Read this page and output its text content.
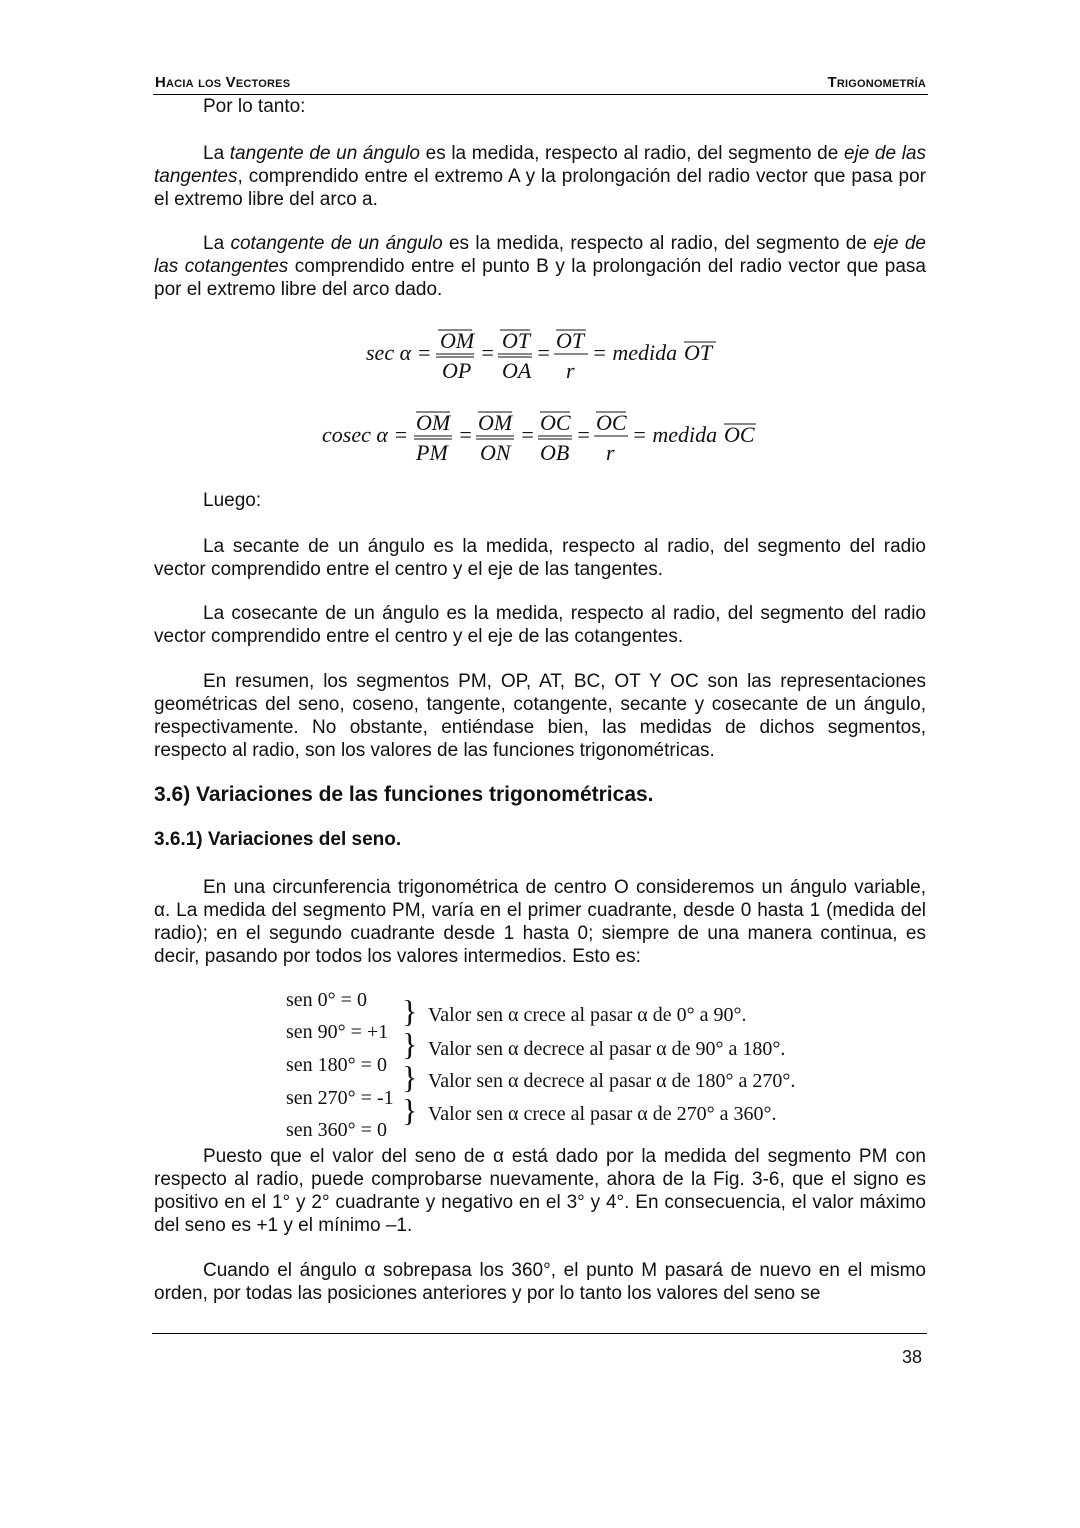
Hacia los Vectores	Trigonometría
Por lo tanto:

La tangente de un ángulo es la medida, respecto al radio, del segmento de eje de las tangentes, comprendido entre el extremo A y la prolongación del radio vector que pasa por el extremo libre del arco a.

La cotangente de un ángulo es la medida, respecto al radio, del segmento de eje de las cotangentes comprendido entre el punto B y la prolongación del radio vector que pasa por el extremo libre del arco dado.

sec α = OM
OP
= OT
OA
= OT
r
= medida OT
cosec α = OM
PM
= OM
ON
= OC
OB
= OC
r
= medida OC
Luego:

La secante de un ángulo es la medida, respecto al radio, del segmento del radio vector comprendido entre el centro y el eje de las tangentes.

La cosecante de un ángulo es la medida, respecto al radio, del segmento del radio vector comprendido entre el centro y el eje de las cotangentes.

En resumen, los segmentos PM, OP, AT, BC, OT Y OC son las representaciones geométricas del seno, coseno, tangente, cotangente, secante y cosecante de un ángulo, respectivamente. No obstante, entiéndase bien, las medidas de dichos segmentos, respecto al radio, son los valores de las funciones trigonométricas.

3.6) Variaciones de las funciones trigonométricas.
3.6.1) Variaciones del seno.

En una circunferencia trigonométrica de centro O consideremos un ángulo variable, α. La medida del segmento PM, varía en el primer cuadrante, desde 0 hasta 1 (medida del radio); en el segundo cuadrante desde 1 hasta 0; siempre de una manera continua, es decir, pasando por todos los valores intermedios. Esto es:

sen 0° = 0
sen 90° = +1
sen 180° = 0
sen 270° = -1
sen 360° = 0
}
}
}
}
Valor sen α crece al pasar α de 0° a 90°.
Valor sen α decrece al pasar α de 90° a 180°.
Valor sen α decrece al pasar α de 180° a 270°.
Valor sen α crece al pasar α de 270° a 360°.

Puesto que el valor del seno de α está dado por la medida del segmento PM con respecto al radio, puede comprobarse nuevamente, ahora de la Fig. 3-6, que el signo es positivo en el 1° y 2° cuadrante y negativo en el 3° y 4°. En consecuencia, el valor máximo del seno es +1 y el mínimo –1.

Cuando el ángulo α sobrepasa los 360°, el punto M pasará de nuevo en el mismo orden, por todas las posiciones anteriores y por lo tanto los valores del seno se

38
